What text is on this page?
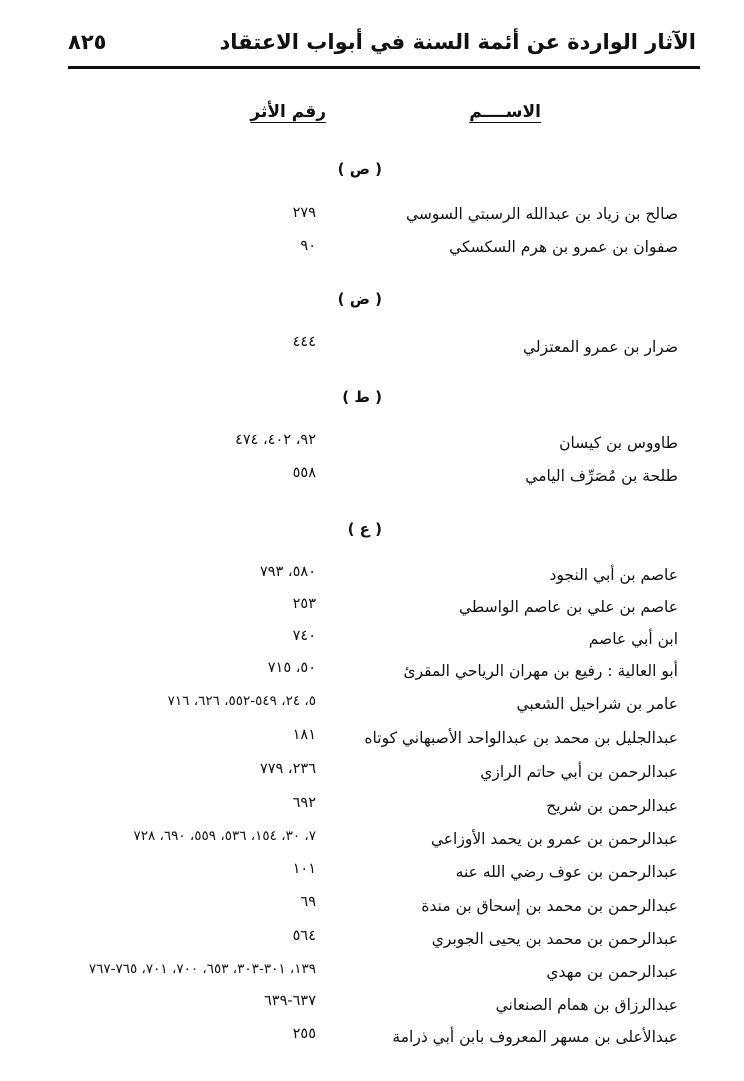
الآثار الواردة عن أئمة السنة في أبواب الاعتقاد
٨٢٥
الاســــم
رقم الأثر
( ص )
صالح بن زياد بن عبدالله الرسبتي السوسي
٢٧٩
صفوان بن عمرو بن هرم السكسكي
٩٠
( ض )
ضرار بن عمرو المعتزلي
٤٤٤
( ط )
طاووس بن كيسان
٩٢، ٤٠٢، ٤٧٤
طلحة بن مُصَرِّف اليامي
٥٥٨
( ع )
عاصم بن أبي النجود
٥٨٠، ٧٩٣
عاصم بن علي بن عاصم الواسطي
٢٥٣
ابن أبي عاصم
٧٤٠
أبو العالية : رفيع بن مهران الرياحي المقرئ
٥٠، ٧١٥
عامر بن شراحيل الشعبي
٥، ٢٤، ٥٤٩-٥٥٢، ٦٢٦، ٧١٦
عبدالجليل بن محمد بن عبدالواحد الأصبهاني كوتاه
١٨١
عبدالرحمن بن أبي حاتم الرازي
٢٣٦، ٧٧٩
عبدالرحمن بن شريح
٦٩٢
عبدالرحمن بن عمرو بن يحمد الأوزاعي
٧، ٣٠، ١٥٤، ٥٣٦، ٥٥٩، ٦٩٠، ٧٢٨
عبدالرحمن بن عوف رضي الله عنه
١٠١
عبدالرحمن بن محمد بن إسحاق بن مندة
٦٩
عبدالرحمن بن محمد بن يحيى الجوبري
٥٦٤
عبدالرحمن بن مهدي
١٣٩، ٣٠١-٣٠٣، ٦٥٣، ٧٠٠، ٧٠١، ٧٦٥-٧٦٧
عبدالرزاق بن همام الصنعاني
٦٣٧-٦٣٩
عبدالأعلى بن مسهر المعروف بابن أبي ذرامة
٢٥٥
